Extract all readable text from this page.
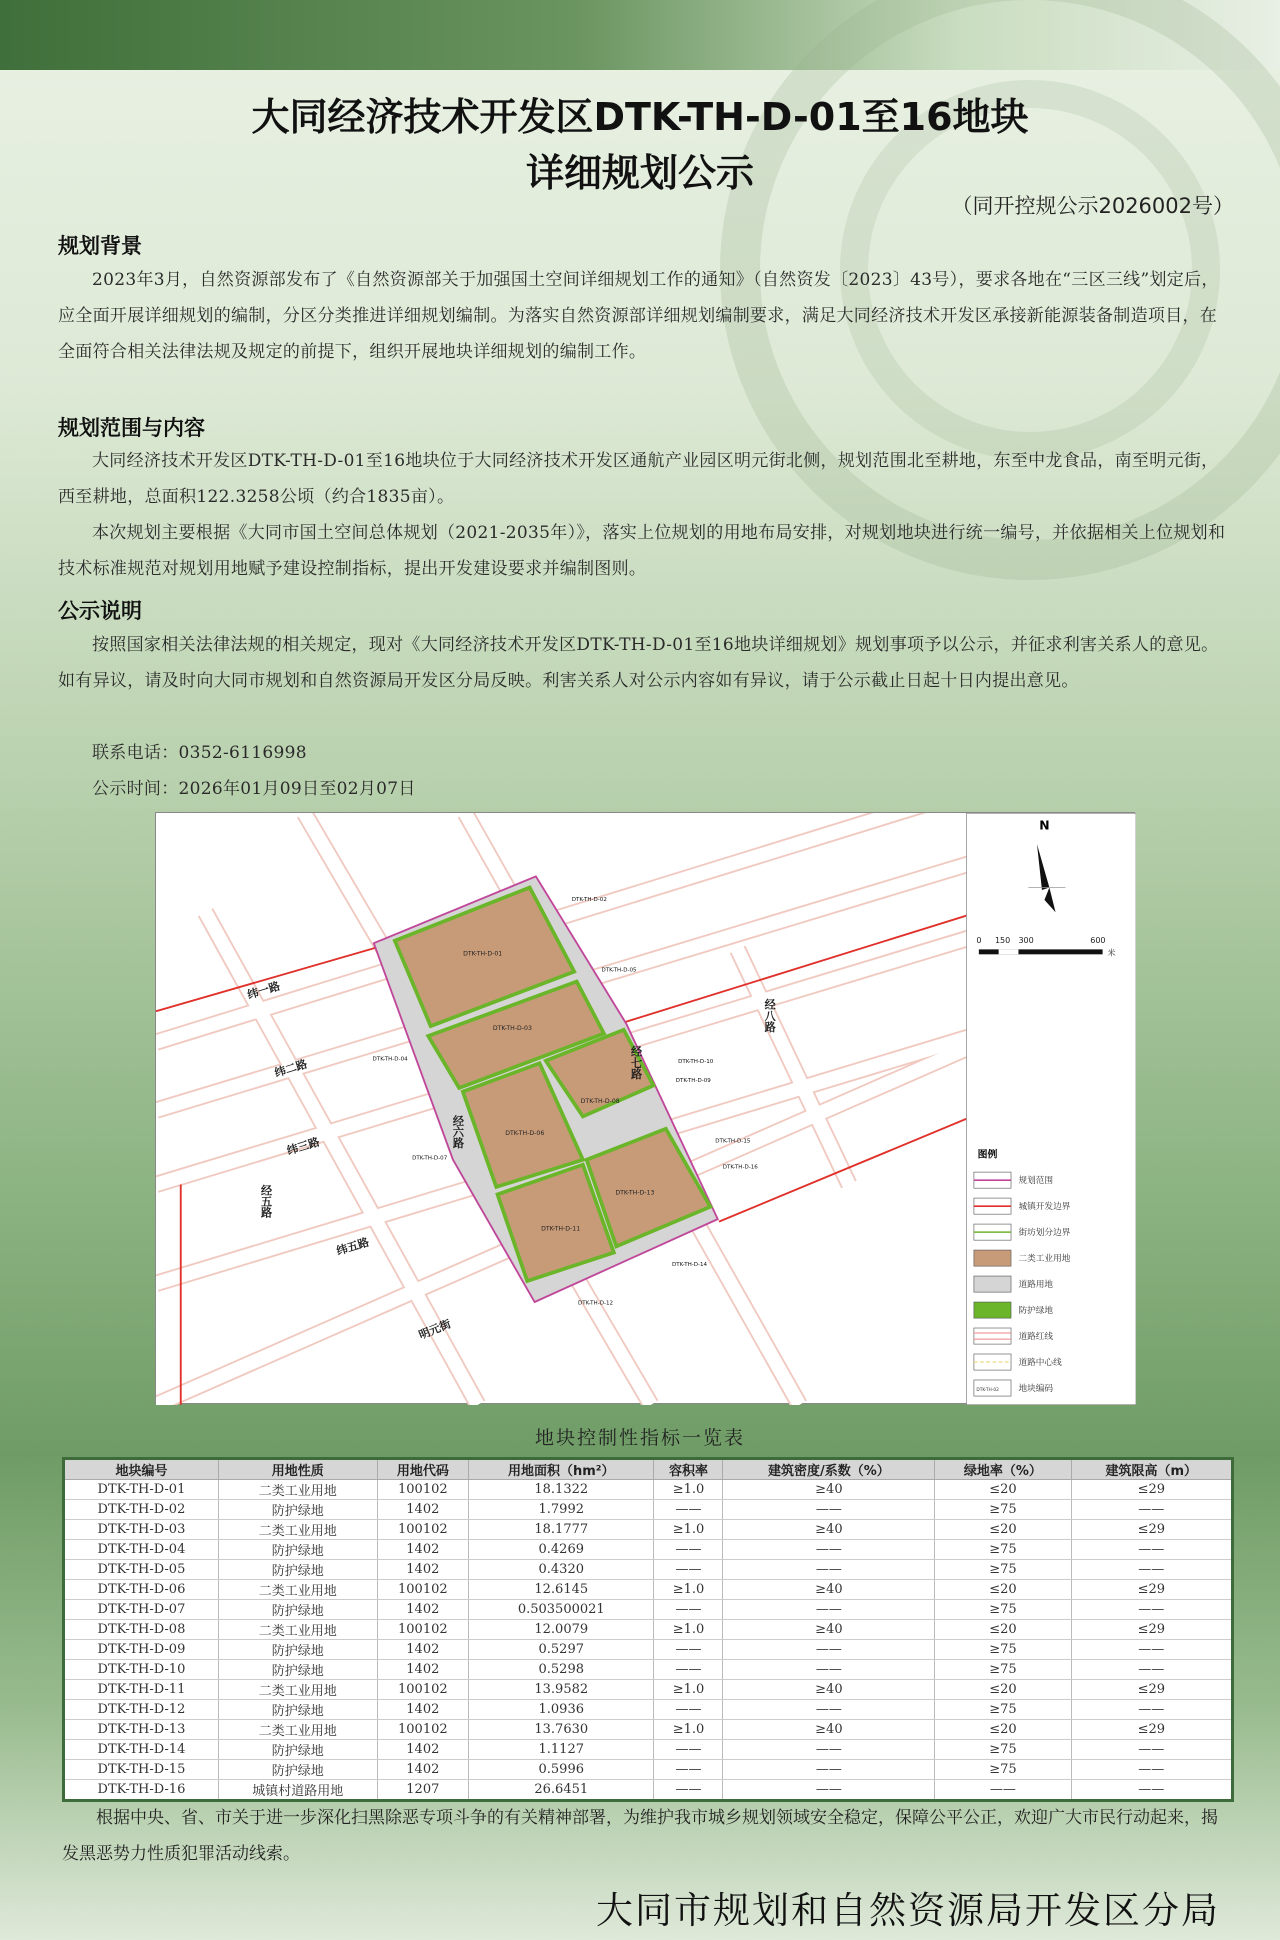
大同经济技术开发区DTK-TH-D-01至16地块
详细规划公示
（同开控规公示2026002号）
规划背景
2023年3月，自然资源部发布了《自然资源部关于加强国土空间详细规划工作的通知》（自然资发〔2023〕43号），要求各地在“三区三线”划定后，应全面开展详细规划的编制，分区分类推进详细规划编制。为落实自然资源部详细规划编制要求，满足大同经济技术开发区承接新能源装备制造项目，在全面符合相关法律法规及规定的前提下，组织开展地块详细规划的编制工作。
规划范围与内容
大同经济技术开发区DTK-TH-D-01至16地块位于大同经济技术开发区通航产业园区明元街北侧，规划范围北至耕地，东至中龙食品，南至明元街，西至耕地，总面积122.3258公顷（约合1835亩）。
本次规划主要根据《大同市国土空间总体规划（2021-2035年）》，落实上位规划的用地布局安排，对规划地块进行统一编号，并依据相关上位规划和技术标准规范对规划用地赋予建设控制指标，提出开发建设要求并编制图则。
公示说明
按照国家相关法律法规的相关规定，现对《大同经济技术开发区DTK-TH-D-01至16地块详细规划》规划事项予以公示，并征求利害关系人的意见。如有异议，请及时向大同市规划和自然资源局开发区分局反映。利害关系人对公示内容如有异议，请于公示截止日起十日内提出意见。
联系电话：0352-6116998
公示时间：2026年01月09日至02月07日
DTK-TH-D-01
DTK-TH-D-03
DTK-TH-D-06
DTK-TH-D-08
DTK-TH-D-11
DTK-TH-D-13
DTK-TH-D-02
DTK-TH-D-05
DTK-TH-D-04	DTK-TH-D-10
DTK-TH-D-09
DTK-TH-D-15
DTK-TH-D-16
DTK-TH-D-07
DTK-TH-D-14
DTK-TH-D-12
纬一路
纬二路
纬三路
纬五路
明元街
经五路
经八路
经七路
经六路
N
0 150 300	600
米
图例
规划范围
城镇开发边界
街坊划分边界
二类工业用地
道路用地
防护绿地
道路红线
道路中心线
DTK-TH-02	地块编码
地块控制性指标一览表
地块编号	用地性质	用地代码	用地面积（hm²）	容积率	建筑密度/系数（%）	绿地率（%）	建筑限高（m）
DTK-TH-D-01	二类工业用地	100102	18.1322	≥1.0	≥40	≤20	≤29
DTK-TH-D-02	防护绿地	1402	1.7992	——	——	≥75	——
DTK-TH-D-03	二类工业用地	100102	18.1777	≥1.0	≥40	≤20	≤29
DTK-TH-D-04	防护绿地	1402	0.4269	——	——	≥75	——
DTK-TH-D-05	防护绿地	1402	0.4320	——	——	≥75	——
DTK-TH-D-06	二类工业用地	100102	12.6145	≥1.0	≥40	≤20	≤29
DTK-TH-D-07	防护绿地	1402	0.503500021	——	——	≥75	——
DTK-TH-D-08	二类工业用地	100102	12.0079	≥1.0	≥40	≤20	≤29
DTK-TH-D-09	防护绿地	1402	0.5297	——	——	≥75	——
DTK-TH-D-10	防护绿地	1402	0.5298	——	——	≥75	——
DTK-TH-D-11	二类工业用地	100102	13.9582	≥1.0	≥40	≤20	≤29
DTK-TH-D-12	防护绿地	1402	1.0936	——	——	≥75	——
DTK-TH-D-13	二类工业用地	100102	13.7630	≥1.0	≥40	≤20	≤29
DTK-TH-D-14	防护绿地	1402	1.1127	——	——	≥75	——
DTK-TH-D-15	防护绿地	1402	0.5996	——	——	≥75	——
DTK-TH-D-16	城镇村道路用地	1207	26.6451	——	——	——	——
根据中央、省、市关于进一步深化扫黑除恶专项斗争的有关精神部署，为维护我市城乡规划领域安全稳定，保障公平公正，欢迎广大市民行动起来，揭发黑恶势力性质犯罪活动线索。
大同市规划和自然资源局开发区分局
